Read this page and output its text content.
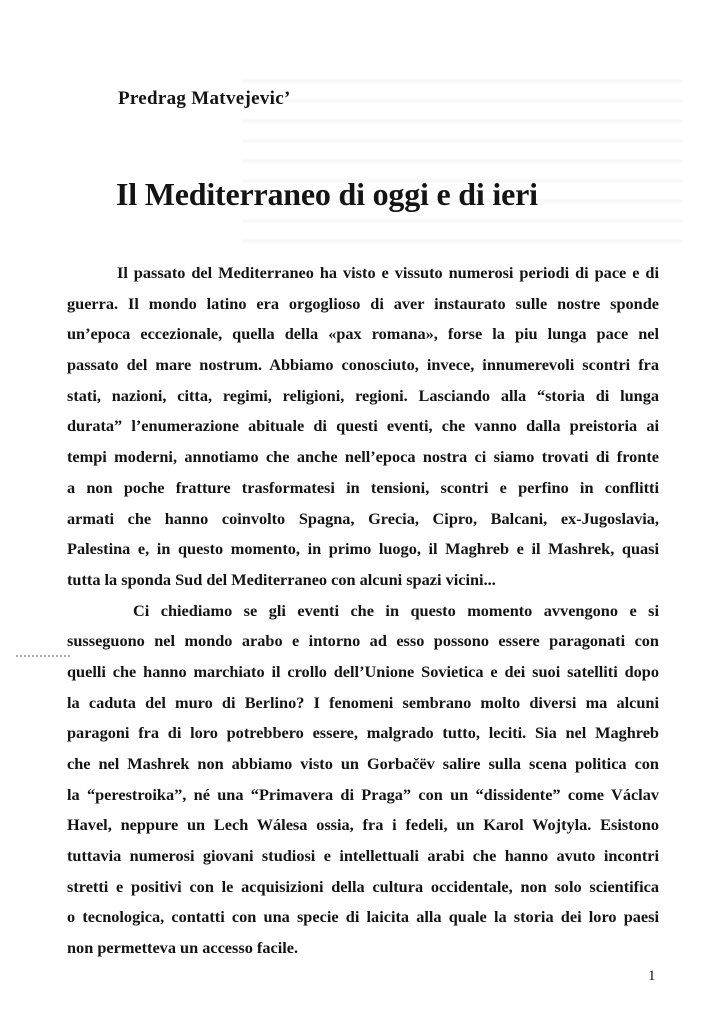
Predrag Matvejevic’
Il Mediterraneo di oggi e di ieri
Il passato del Mediterraneo ha visto e vissuto numerosi periodi di pace e di
guerra. Il mondo latino era orgoglioso di aver instaurato sulle nostre sponde
un’epoca eccezionale, quella della «pax romana», forse la piu lunga pace nel
passato del mare nostrum. Abbiamo conosciuto, invece, innumerevoli scontri fra
stati, nazioni, citta, regimi, religioni, regioni. Lasciando alla “storia di lunga
durata” l’enumerazione abituale di questi eventi, che vanno dalla preistoria ai
tempi moderni, annotiamo che anche nell’epoca nostra ci siamo trovati di fronte
a non poche fratture trasformatesi in tensioni, scontri e perfino in conflitti
armati che hanno coinvolto Spagna, Grecia, Cipro, Balcani, ex-Jugoslavia,
Palestina e, in questo momento, in primo luogo, il Maghreb e il Mashrek, quasi
tutta la sponda Sud del Mediterraneo con alcuni spazi vicini...
Ci chiediamo se gli eventi che in questo momento avvengono e si
susseguono nel mondo arabo e intorno ad esso possono essere paragonati con
quelli che hanno marchiato il crollo dell’Unione Sovietica e dei suoi satelliti dopo
la caduta del muro di Berlino? I fenomeni sembrano molto diversi ma alcuni
paragoni fra di loro potrebbero essere, malgrado tutto, leciti. Sia nel Maghreb
che nel Mashrek non abbiamo visto un Gorbačëv salire sulla scena politica con
la “perestroika”, né una “Primavera di Praga” con un “dissidente” come Václav
Havel, neppure un Lech Wálesa ossia, fra i fedeli, un Karol Wojtyla. Esistono
tuttavia numerosi giovani studiosi e intellettuali arabi che hanno avuto incontri
stretti e positivi con le acquisizioni della cultura occidentale, non solo scientifica
o tecnologica, contatti con una specie di laicita alla quale la storia dei loro paesi
non permetteva un accesso facile.
1
